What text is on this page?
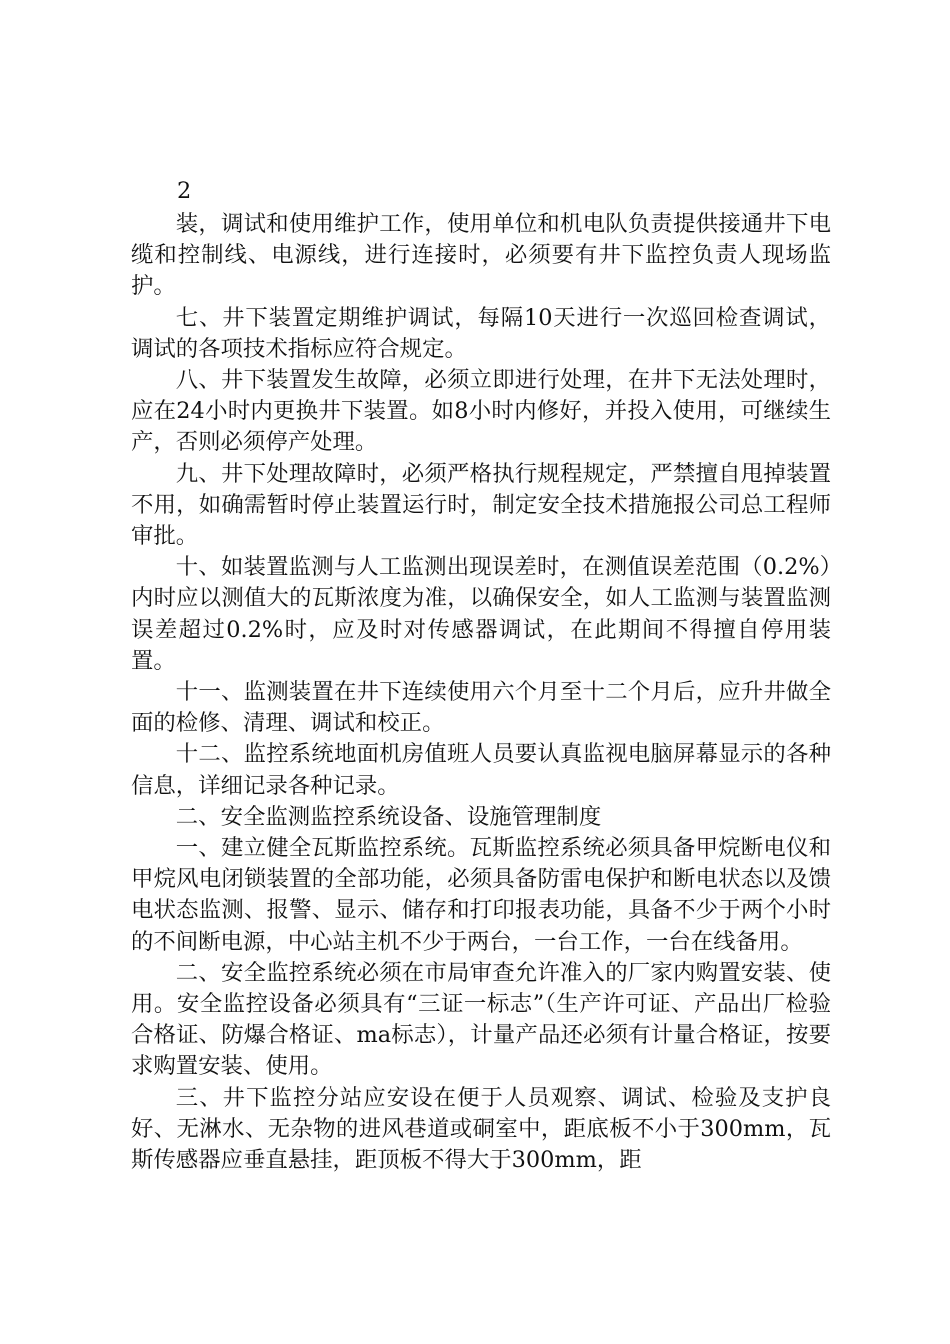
2

装，调试和使用维护工作，使用单位和机电队负责提供接通井下电缆和控制线、电源线，进行连接时，必须要有井下监控负责人现场监护。

七、井下装置定期维护调试，每隔10天进行一次巡回检查调试，调试的各项技术指标应符合规定。

八、井下装置发生故障，必须立即进行处理，在井下无法处理时，应在24小时内更换井下装置。如8小时内修好，并投入使用，可继续生产，否则必须停产处理。

九、井下处理故障时，必须严格执行规程规定，严禁擅自甩掉装置不用，如确需暂时停止装置运行时，制定安全技术措施报公司总工程师审批。

十、如装置监测与人工监测出现误差时，在测值误差范围（0.2%）内时应以测值大的瓦斯浓度为准，以确保安全，如人工监测与装置监测误差超过0.2%时，应及时对传感器调试，在此期间不得擅自停用装置。

十一、监测装置在井下连续使用六个月至十二个月后，应升井做全面的检修、清理、调试和校正。

十二、监控系统地面机房值班人员要认真监视电脑屏幕显示的各种信息，详细记录各种记录。

二、安全监测监控系统设备、设施管理制度

一、建立健全瓦斯监控系统。瓦斯监控系统必须具备甲烷断电仪和甲烷风电闭锁装置的全部功能，必须具备防雷电保护和断电状态以及馈电状态监测、报警、显示、储存和打印报表功能，具备不少于两个小时的不间断电源，中心站主机不少于两台，一台工作，一台在线备用。

二、安全监控系统必须在市局审查允许准入的厂家内购置安装、使用。安全监控设备必须具有“三证一标志”（生产许可证、产品出厂检验合格证、防爆合格证、ma标志），计量产品还必须有计量合格证，按要求购置安装、使用。

三、井下监控分站应安设在便于人员观察、调试、检验及支护良好、无淋水、无杂物的进风巷道或硐室中，距底板不小于300mm，瓦斯传感器应垂直悬挂，距顶板不得大于300mm，距
